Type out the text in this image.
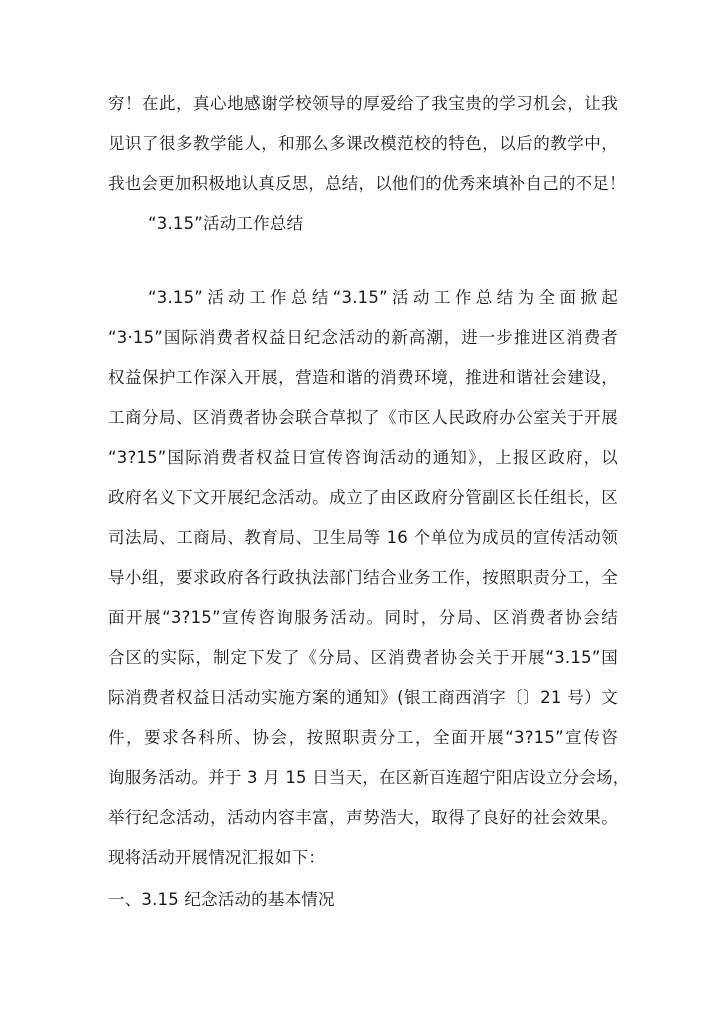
穷！在此，真心地感谢学校领导的厚爱给了我宝贵的学习机会，让我
见识了很多教学能人，和那么多课改模范校的特色，以后的教学中，
我也会更加积极地认真反思，总结，以他们的优秀来填补自己的不足！
“3.15”活动工作总结
“3.15”活动工作总结“3.15”活动工作总结为全面掀起
“3·15”国际消费者权益日纪念活动的新高潮，进一步推进区消费者
权益保护工作深入开展，营造和谐的消费环境，推进和谐社会建设，
工商分局、区消费者协会联合草拟了《市区人民政府办公室关于开展
“3?15”国际消费者权益日宣传咨询活动的通知》，上报区政府，以
政府名义下文开展纪念活动。成立了由区政府分管副区长任组长，区
司法局、工商局、教育局、卫生局等 16 个单位为成员的宣传活动领
导小组，要求政府各行政执法部门结合业务工作，按照职责分工，全
面开展“3?15”宣传咨询服务活动。同时，分局、区消费者协会结
合区的实际，制定下发了《分局、区消费者协会关于开展“3.15”国
际消费者权益日活动实施方案的通知》(银工商西消字〔〕21 号）文
件，要求各科所、协会，按照职责分工，全面开展“3?15”宣传咨
询服务活动。并于 3 月 15 日当天，在区新百连超宁阳店设立分会场，
举行纪念活动，活动内容丰富，声势浩大，取得了良好的社会效果。
现将活动开展情况汇报如下：
一、3.15 纪念活动的基本情况
